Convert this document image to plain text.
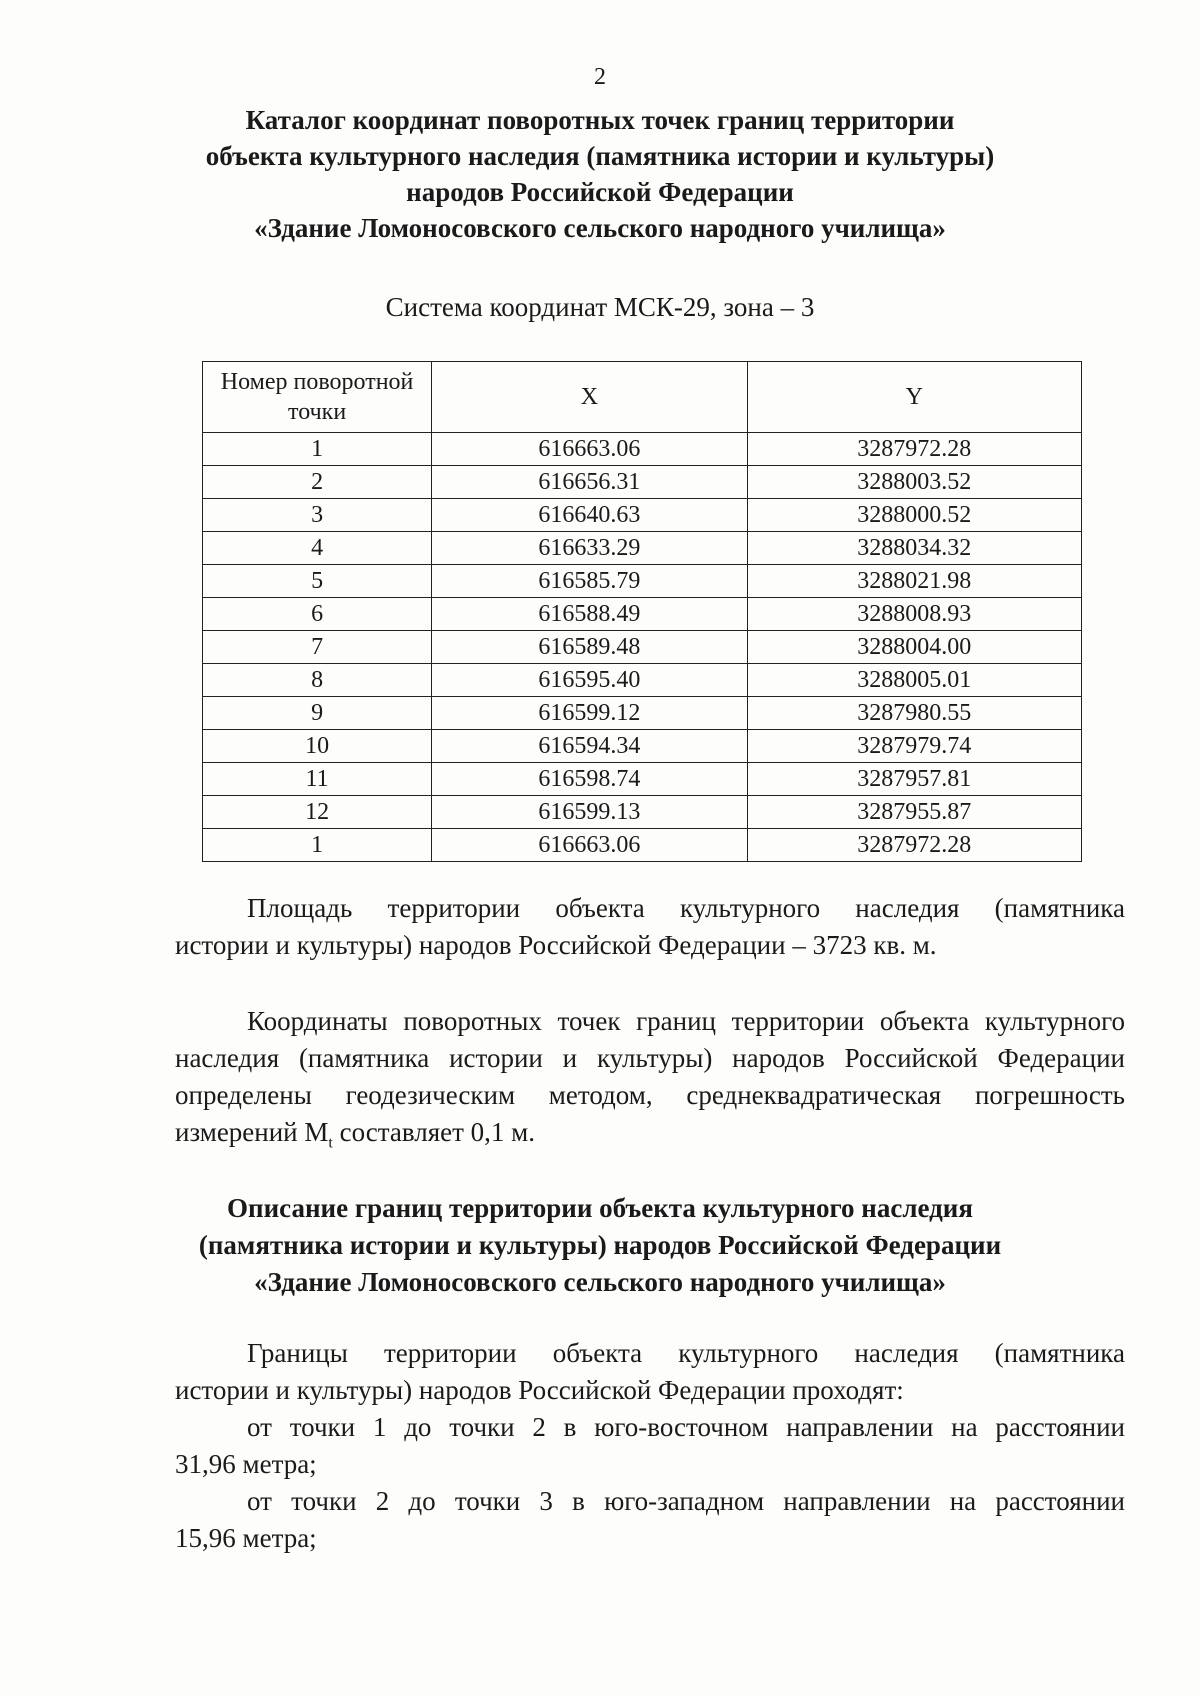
2
Каталог координат поворотных точек границ территории
объекта культурного наследия (памятника истории и культуры)
народов Российской Федерации
«Здание Ломоносовского сельского народного училища»
Система координат МСК-29, зона – 3
Номер поворотной точки	X	Y
1	616663.06	3287972.28
2	616656.31	3288003.52
3	616640.63	3288000.52
4	616633.29	3288034.32
5	616585.79	3288021.98
6	616588.49	3288008.93
7	616589.48	3288004.00
8	616595.40	3288005.01
9	616599.12	3287980.55
10	616594.34	3287979.74
11	616598.74	3287957.81
12	616599.13	3287955.87
1	616663.06	3287972.28
Площадь территории объекта культурного наследия (памятника
истории и культуры) народов Российской Федерации – 3723 кв. м.
Координаты поворотных точек границ территории объекта культурного
наследия (памятника истории и культуры) народов Российской Федерации
определены геодезическим методом, среднеквадратическая погрешность
измерений $M_t$ составляет 0,1 м.
Описание границ территории объекта культурного наследия
(памятника истории и культуры) народов Российской Федерации
«Здание Ломоносовского сельского народного училища»
Границы территории объекта культурного наследия (памятника
истории и культуры) народов Российской Федерации проходят:
от точки 1 до точки 2 в юго-восточном направлении на расстоянии
31,96 метра;
от точки 2 до точки 3 в юго-западном направлении на расстоянии
15,96 метра;
